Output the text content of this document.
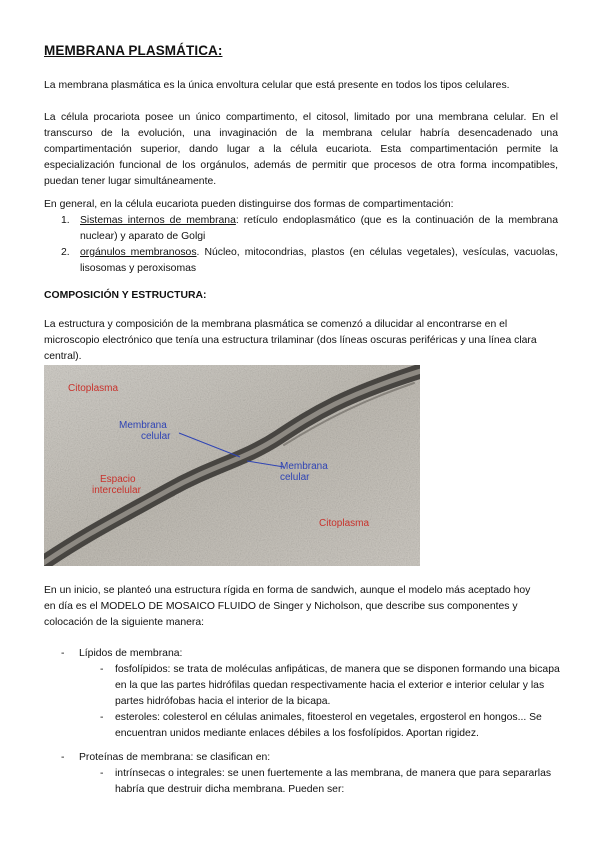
MEMBRANA PLASMÁTICA:
La membrana plasmática es la única envoltura celular que está presente en todos los tipos celulares.
La célula procariota posee un único compartimento, el citosol, limitado por una membrana celular. En el transcurso de la evolución, una invaginación de la membrana celular habría desencadenado una compartimentación superior, dando lugar a la célula eucariota. Esta compartimentación permite la especialización funcional de los orgánulos, además de permitir que procesos de otra forma incompatibles, puedan tener lugar simultáneamente.
En general, en la célula eucariota pueden distinguirse dos formas de compartimentación:
1. Sistemas internos de membrana: retículo endoplasmático (que es la continuación de la membrana nuclear) y aparato de Golgi
2. orgánulos membranosos. Núcleo, mitocondrias, plastos (en células vegetales), vesículas, vacuolas, lisosomas y peroxisomas
COMPOSICIÓN Y ESTRUCTURA:
La estructura y composición de la membrana plasmática se comenzó a dilucidar al encontrarse en el microscopio electrónico que tenía una estructura trilaminar (dos líneas oscuras periféricas y una línea clara central).
Citoplasma
Membrana
celular
Membrana
celular
Espacio
intercelular
Citoplasma
En un inicio, se planteó una estructura rígida en forma de sandwich, aunque el modelo más aceptado hoy en día es el MODELO DE MOSAICO FLUIDO de Singer y Nicholson, que describe sus componentes y colocación de la siguiente manera:
- Lípidos de membrana:
- fosfolípidos: se trata de moléculas anfipáticas, de manera que se disponen formando una bicapa en la que las partes hidrófilas quedan respectivamente hacia el exterior e interior celular y las partes hidrófobas hacia el interior de la bicapa.
- esteroles: colesterol en células animales, fitoesterol en vegetales, ergosterol en hongos... Se encuentran unidos mediante enlaces débiles a los fosfolípidos. Aportan rigidez.
- Proteínas de membrana: se clasifican en:
- intrínsecas o integrales: se unen fuertemente a las membrana, de manera que para separarlas habría que destruir dicha membrana. Pueden ser:
